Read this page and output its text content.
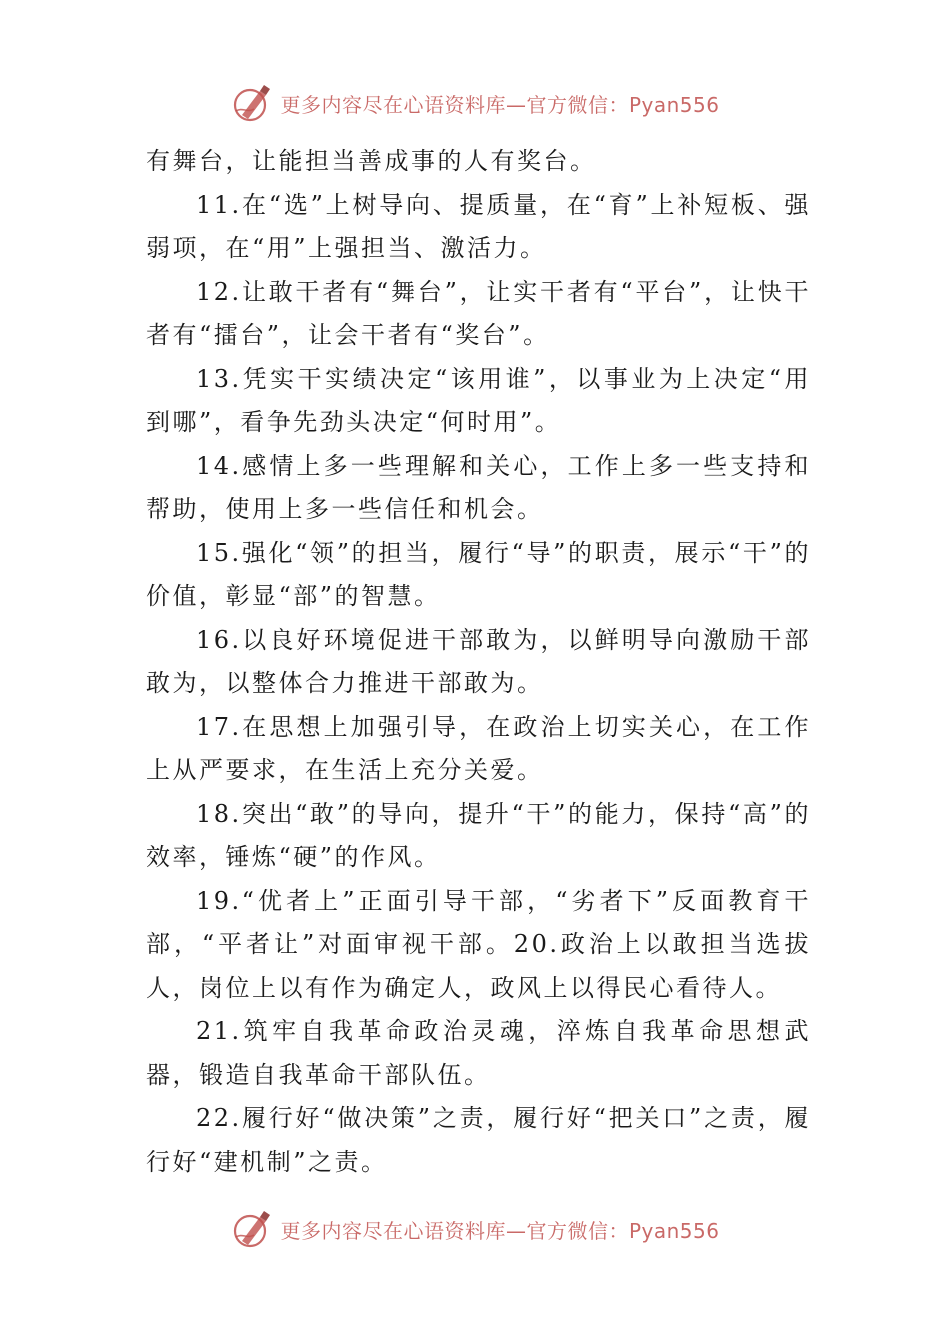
更多内容尽在心语资料库—官方微信：Pyan556

有舞台，让能担当善成事的人有奖台。

11.在“选”上树导向、提质量，在“育”上补短板、强弱项，在“用”上强担当、激活力。

12.让敢干者有“舞台”，让实干者有“平台”，让快干者有“擂台”，让会干者有“奖台”。

13.凭实干实绩决定“该用谁”，以事业为上决定“用到哪”，看争先劲头决定“何时用”。

14.感情上多一些理解和关心，工作上多一些支持和帮助，使用上多一些信任和机会。

15.强化“领”的担当，履行“导”的职责，展示“干”的价值，彰显“部”的智慧。

16.以良好环境促进干部敢为，以鲜明导向激励干部敢为，以整体合力推进干部敢为。

17.在思想上加强引导，在政治上切实关心，在工作上从严要求，在生活上充分关爱。

18.突出“敢”的导向，提升“干”的能力，保持“高”的效率，锤炼“硬”的作风。

19.“优者上”正面引导干部，“劣者下”反面教育干部，“平者让”对面审视干部。20.政治上以敢担当选拔人，岗位上以有作为确定人，政风上以得民心看待人。

21.筑牢自我革命政治灵魂，淬炼自我革命思想武器，锻造自我革命干部队伍。

22.履行好“做决策”之责，履行好“把关口”之责，履行好“建机制”之责。

更多内容尽在心语资料库—官方微信：Pyan556
